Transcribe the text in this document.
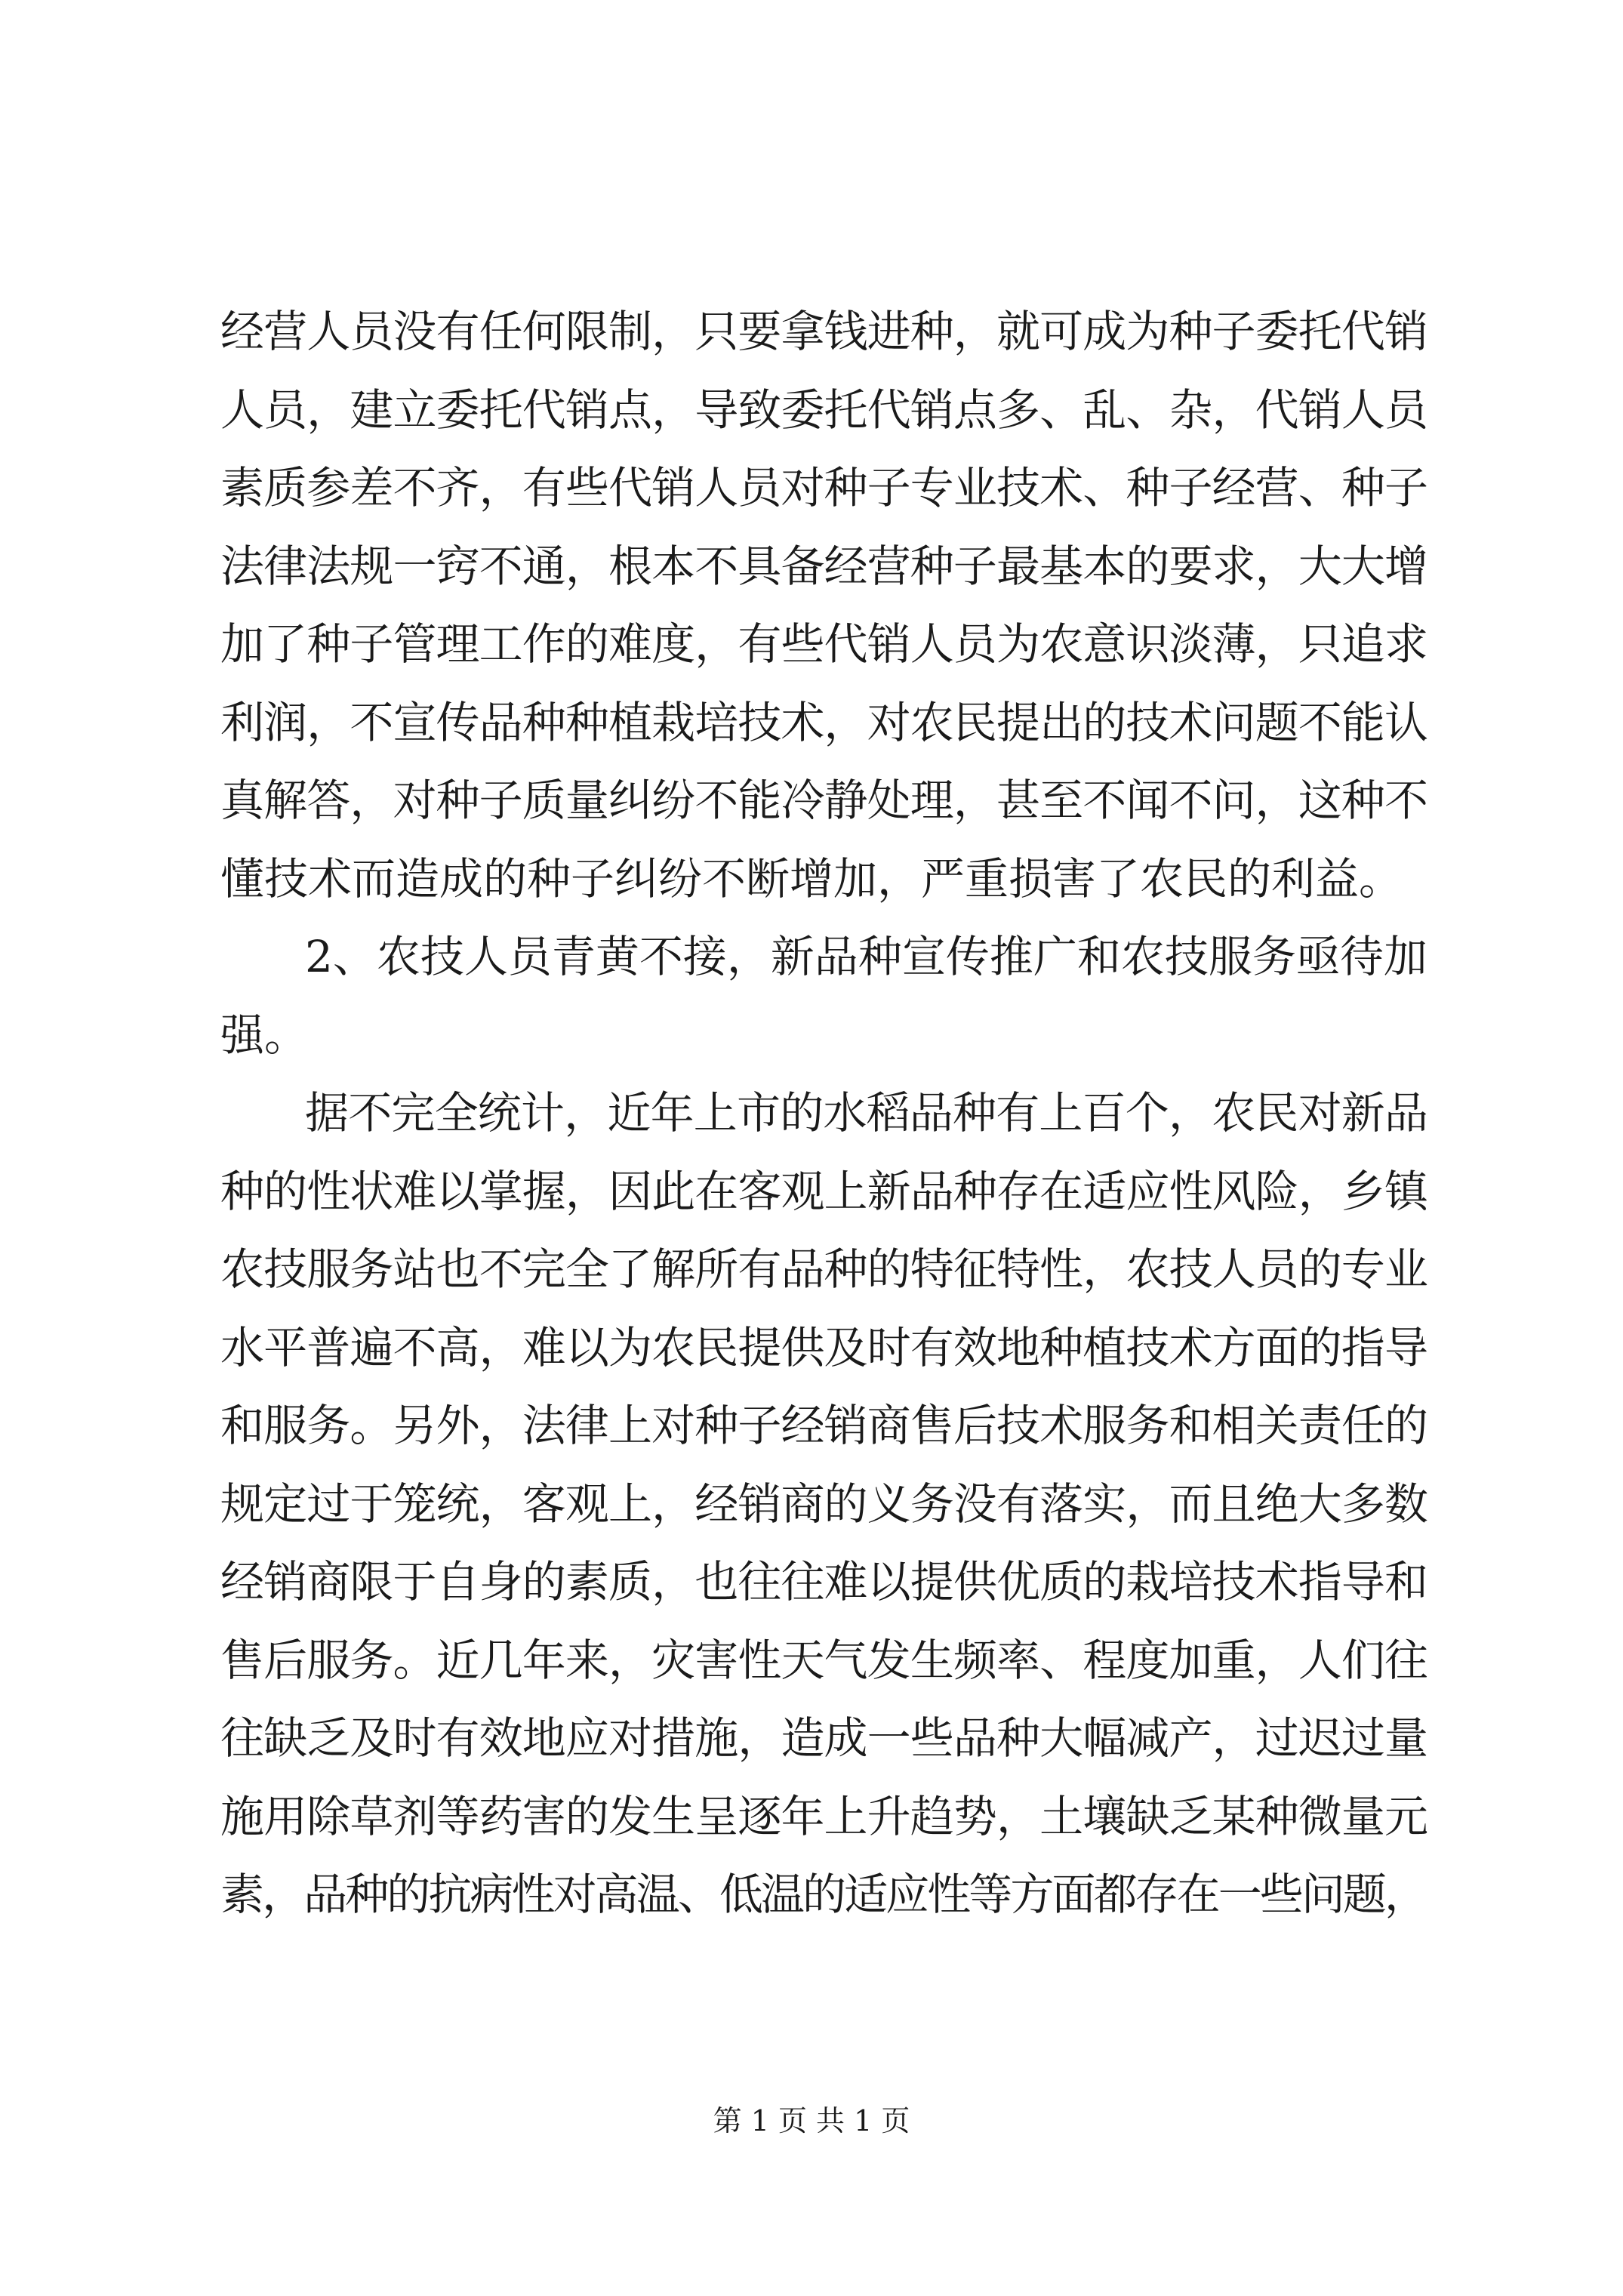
经营人员没有任何限制，只要拿钱进种，就可成为种子委托代销
人员，建立委托代销点，导致委托代销点多、乱、杂，代销人员
素质参差不齐，有些代销人员对种子专业技术、种子经营、种子
法律法规一窍不通，根本不具备经营种子最基本的要求，大大增
加了种子管理工作的难度，有些代销人员为农意识淡薄，只追求
利润，不宣传品种种植栽培技术，对农民提出的技术问题不能认
真解答，对种子质量纠纷不能冷静处理，甚至不闻不问，这种不
懂技术而造成的种子纠纷不断增加，严重损害了农民的利益。
2、农技人员青黄不接，新品种宣传推广和农技服务亟待加
强。
据不完全统计，近年上市的水稻品种有上百个，农民对新品
种的性状难以掌握，因此在客观上新品种存在适应性风险，乡镇
农技服务站也不完全了解所有品种的特征特性，农技人员的专业
水平普遍不高，难以为农民提供及时有效地种植技术方面的指导
和服务。另外，法律上对种子经销商售后技术服务和相关责任的
规定过于笼统，客观上，经销商的义务没有落实，而且绝大多数
经销商限于自身的素质，也往往难以提供优质的栽培技术指导和
售后服务。近几年来，灾害性天气发生频率、程度加重，人们往
往缺乏及时有效地应对措施，造成一些品种大幅减产，过迟过量
施用除草剂等药害的发生呈逐年上升趋势，土壤缺乏某种微量元
素，品种的抗病性对高温、低温的适应性等方面都存在一些问题，
第 1 页 共 1 页
